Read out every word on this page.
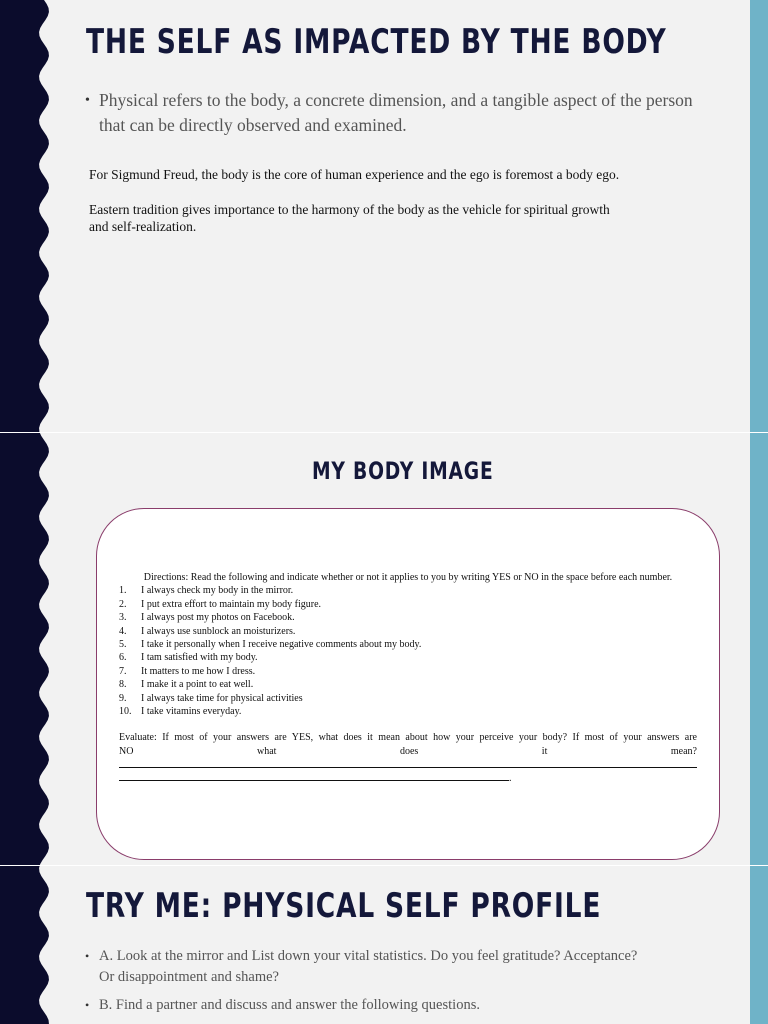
THE SELF AS IMPACTED BY THE BODY
• Physical refers to the body, a concrete dimension, and a tangible aspect of the person that can be directly observed and examined.
For Sigmund Freud, the body is the core of human experience and the ego is foremost a body ego.
Eastern tradition gives importance to the harmony of the body as the vehicle for spiritual growth
and self-realization.
MY BODY IMAGE
Directions: Read the following and indicate whether or not it applies to you by writing YES or NO in the space before each number.
1. I always check my body in the mirror.
2. I put extra effort to maintain my body figure.
3. I always post my photos on Facebook.
4. I always use sunblock an moisturizers.
5. I take it personally when I receive negative comments about my body.
6. I tam satisfied with my body.
7. It matters to me how I dress.
8. I make it a point to eat well.
9. I always take time for physical activities
10. I take vitamins everyday.
Evaluate: If most of your answers are YES, what does it mean about how your perceive your body? If most of your answers are
NO	what	does	it	mean?
.
TRY ME: PHYSICAL SELF PROFILE
• A. Look at the mirror and List down your vital statistics. Do you feel gratitude? Acceptance?
Or disappointment and shame?
• B. Find a partner and discuss and answer the following questions.
